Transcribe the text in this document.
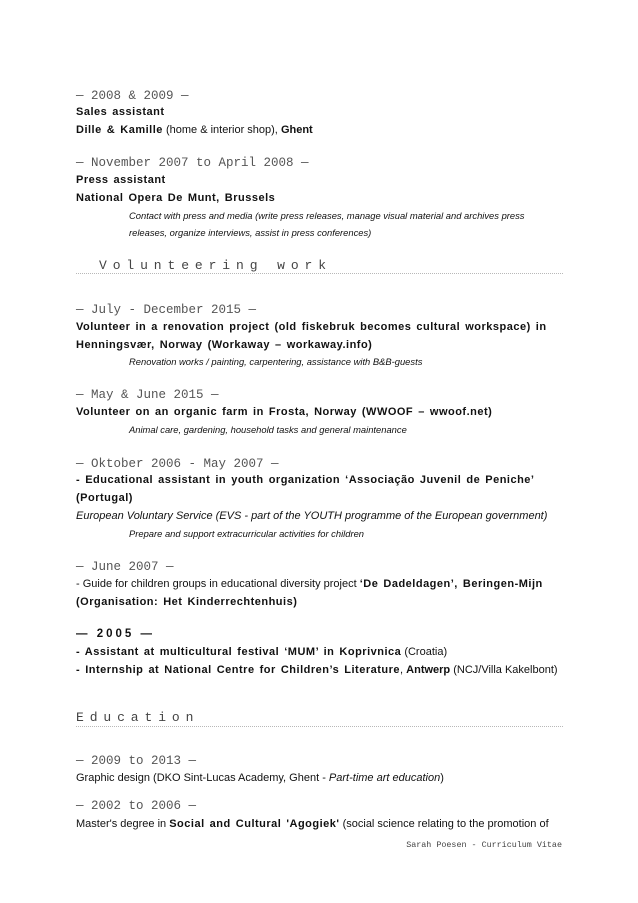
— 2008 & 2009 —
Sales assistant
Dille & Kamille (home & interior shop), Ghent
— November 2007 to April 2008 —
Press assistant
National Opera De Munt, Brussels
Contact with press and media (write press releases, manage visual material and archives press
releases, organize interviews, assist in press conferences)
Volunteering work
— July - December 2015 —
Volunteer in a renovation project (old fiskebruk becomes cultural workspace) in
Henningsvær, Norway (Workaway – workaway.info)
Renovation works / painting, carpentering, assistance with B&B-guests
— May & June 2015 —
Volunteer on an organic farm in Frosta, Norway (WWOOF – wwoof.net)
Animal care, gardening, household tasks and general maintenance
— Oktober 2006 - May 2007 —
- Educational assistant in youth organization ‘Associação Juvenil de Peniche’
(Portugal)
European Voluntary Service (EVS - part of the YOUTH programme of the European government)
Prepare and support extracurricular activities for children
— June 2007 —
- Guide for children groups in educational diversity project ‘De Dadeldagen’, Beringen-Mijn
(Organisation: Het Kinderrechtenhuis)
— 2005 —
- Assistant at multicultural festival ‘MUM’ in Koprivnica (Croatia)
- Internship at National Centre for Children’s Literature, Antwerp (NCJ/Villa Kakelbont)
Education
— 2009 to 2013 —
Graphic design (DKO Sint-Lucas Academy, Ghent - Part-time art education)
— 2002 to 2006 —
Master's degree in Social and Cultural 'Agogiek' (social science relating to the promotion of
Sarah Poesen - Curriculum Vitae
